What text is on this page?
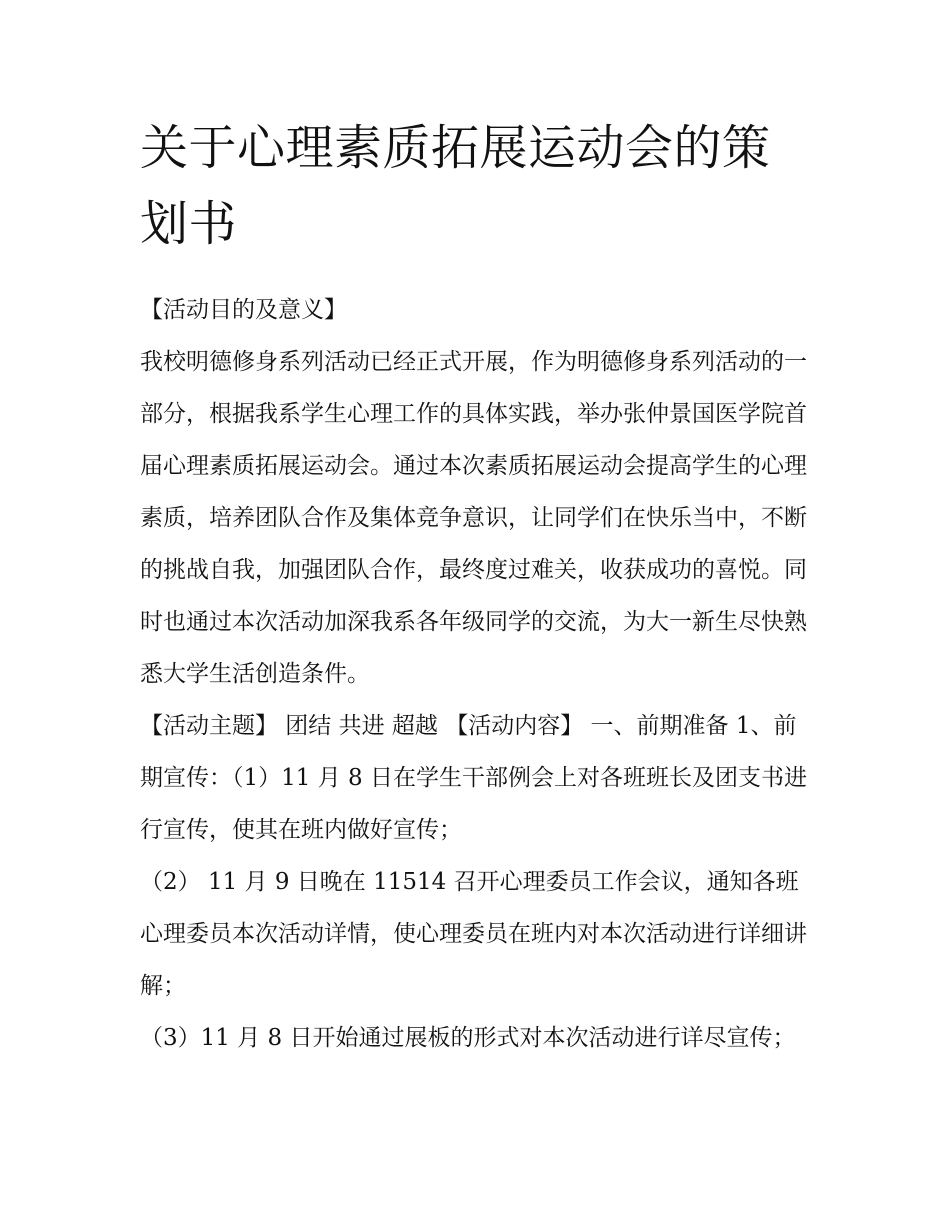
关于心理素质拓展运动会的策划书

【活动目的及意义】

我校明德修身系列活动已经正式开展，作为明德修身系列活动的一部分，根据我系学生心理工作的具体实践，举办张仲景国医学院首届心理素质拓展运动会。通过本次素质拓展运动会提高学生的心理素质，培养团队合作及集体竞争意识，让同学们在快乐当中，不断的挑战自我，加强团队合作，最终度过难关，收获成功的喜悦。同时也通过本次活动加深我系各年级同学的交流，为大一新生尽快熟悉大学生活创造条件。

【活动主题】 团结 共进 超越 【活动内容】 一、前期准备 1、前期宣传：（1）11 月 8 日在学生干部例会上对各班班长及团支书进行宣传，使其在班内做好宣传；

（2） 11 月 9 日晚在 11514 召开心理委员工作会议，通知各班心理委员本次活动详情，使心理委员在班内对本次活动进行详细讲解；

（3）11 月 8 日开始通过展板的形式对本次活动进行详尽宣传；
